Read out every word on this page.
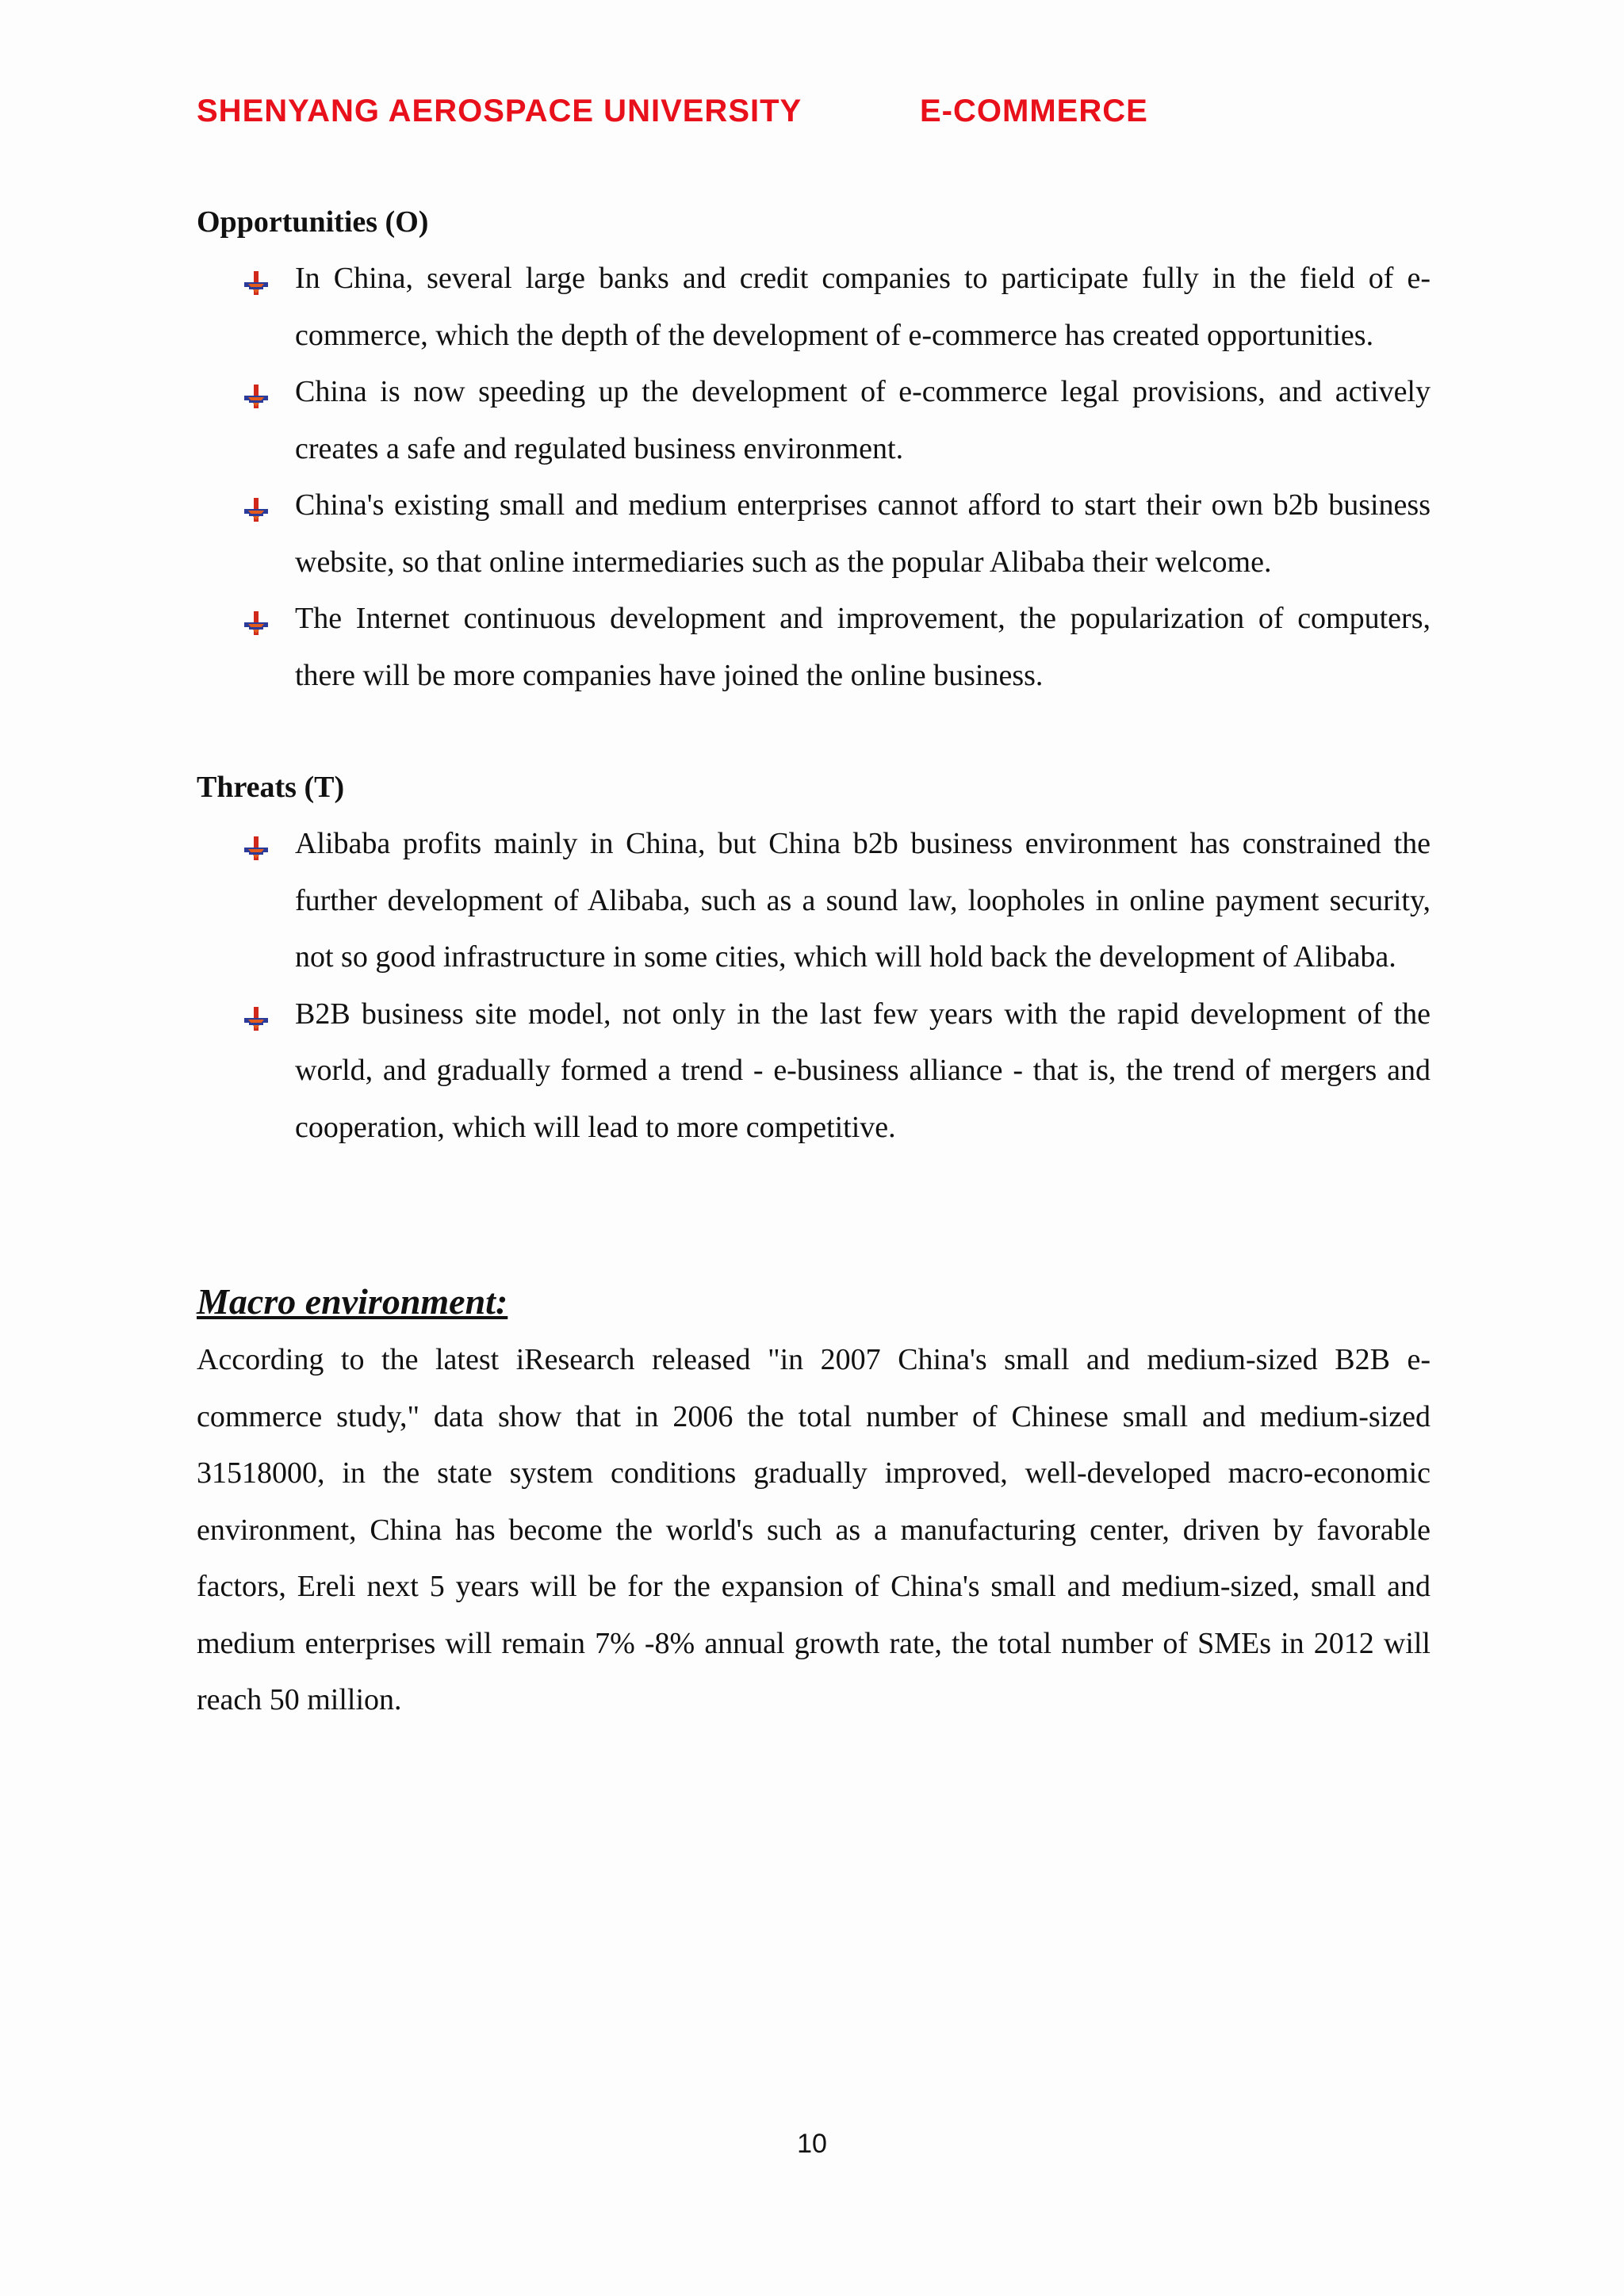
SHENYANG AEROSPACE UNIVERSITY	E-COMMERCE

Opportunities (O)

In China, several large banks and credit companies to participate fully in the field of e-commerce, which the depth of the development of e-commerce has created opportunities.
China is now speeding up the development of e-commerce legal provisions, and actively creates a safe and regulated business environment.
China's existing small and medium enterprises cannot afford to start their own b2b business website, so that online intermediaries such as the popular Alibaba their welcome.
The Internet continuous development and improvement, the popularization of computers, there will be more companies have joined the online business.

Threats (T)

Alibaba profits mainly in China, but China b2b business environment has constrained the further development of Alibaba, such as a sound law, loopholes in online payment security, not so good infrastructure in some cities, which will hold back the development of Alibaba.
B2B business site model, not only in the last few years with the rapid development of the world, and gradually formed a trend - e-business alliance - that is, the trend of mergers and cooperation, which will lead to more competitive.

Macro environment:

According to the latest iResearch released "in 2007 China's small and medium-sized B2B e-commerce study," data show that in 2006 the total number of Chinese small and medium-sized 31518000, in the state system conditions gradually improved, well-developed macro-economic environment, China has become the world's such as a manufacturing center, driven by favorable factors, Ereli next 5 years will be for the expansion of China's small and medium-sized, small and medium enterprises will remain 7% -8% annual growth rate, the total number of SMEs in 2012 will reach 50 million.

10
